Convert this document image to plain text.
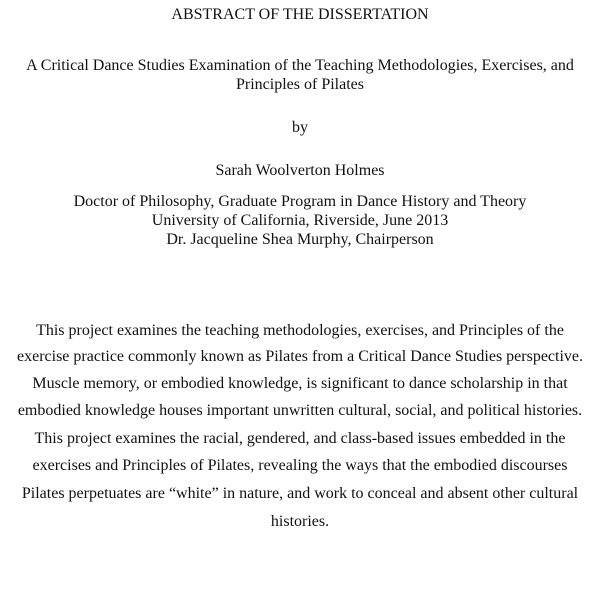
ABSTRACT OF THE DISSERTATION
A Critical Dance Studies Examination of the Teaching Methodologies, Exercises, and
Principles of Pilates
by
Sarah Woolverton Holmes
Doctor of Philosophy, Graduate Program in Dance History and Theory
University of California, Riverside, June 2013
Dr. Jacqueline Shea Murphy, Chairperson
This project examines the teaching methodologies, exercises, and Principles of the
exercise practice commonly known as Pilates from a Critical Dance Studies perspective.
Muscle memory, or embodied knowledge, is significant to dance scholarship in that
embodied knowledge houses important unwritten cultural, social, and political histories.
This project examines the racial, gendered, and class-based issues embedded in the
exercises and Principles of Pilates, revealing the ways that the embodied discourses
Pilates perpetuates are “white” in nature, and work to conceal and absent other cultural
histories.
